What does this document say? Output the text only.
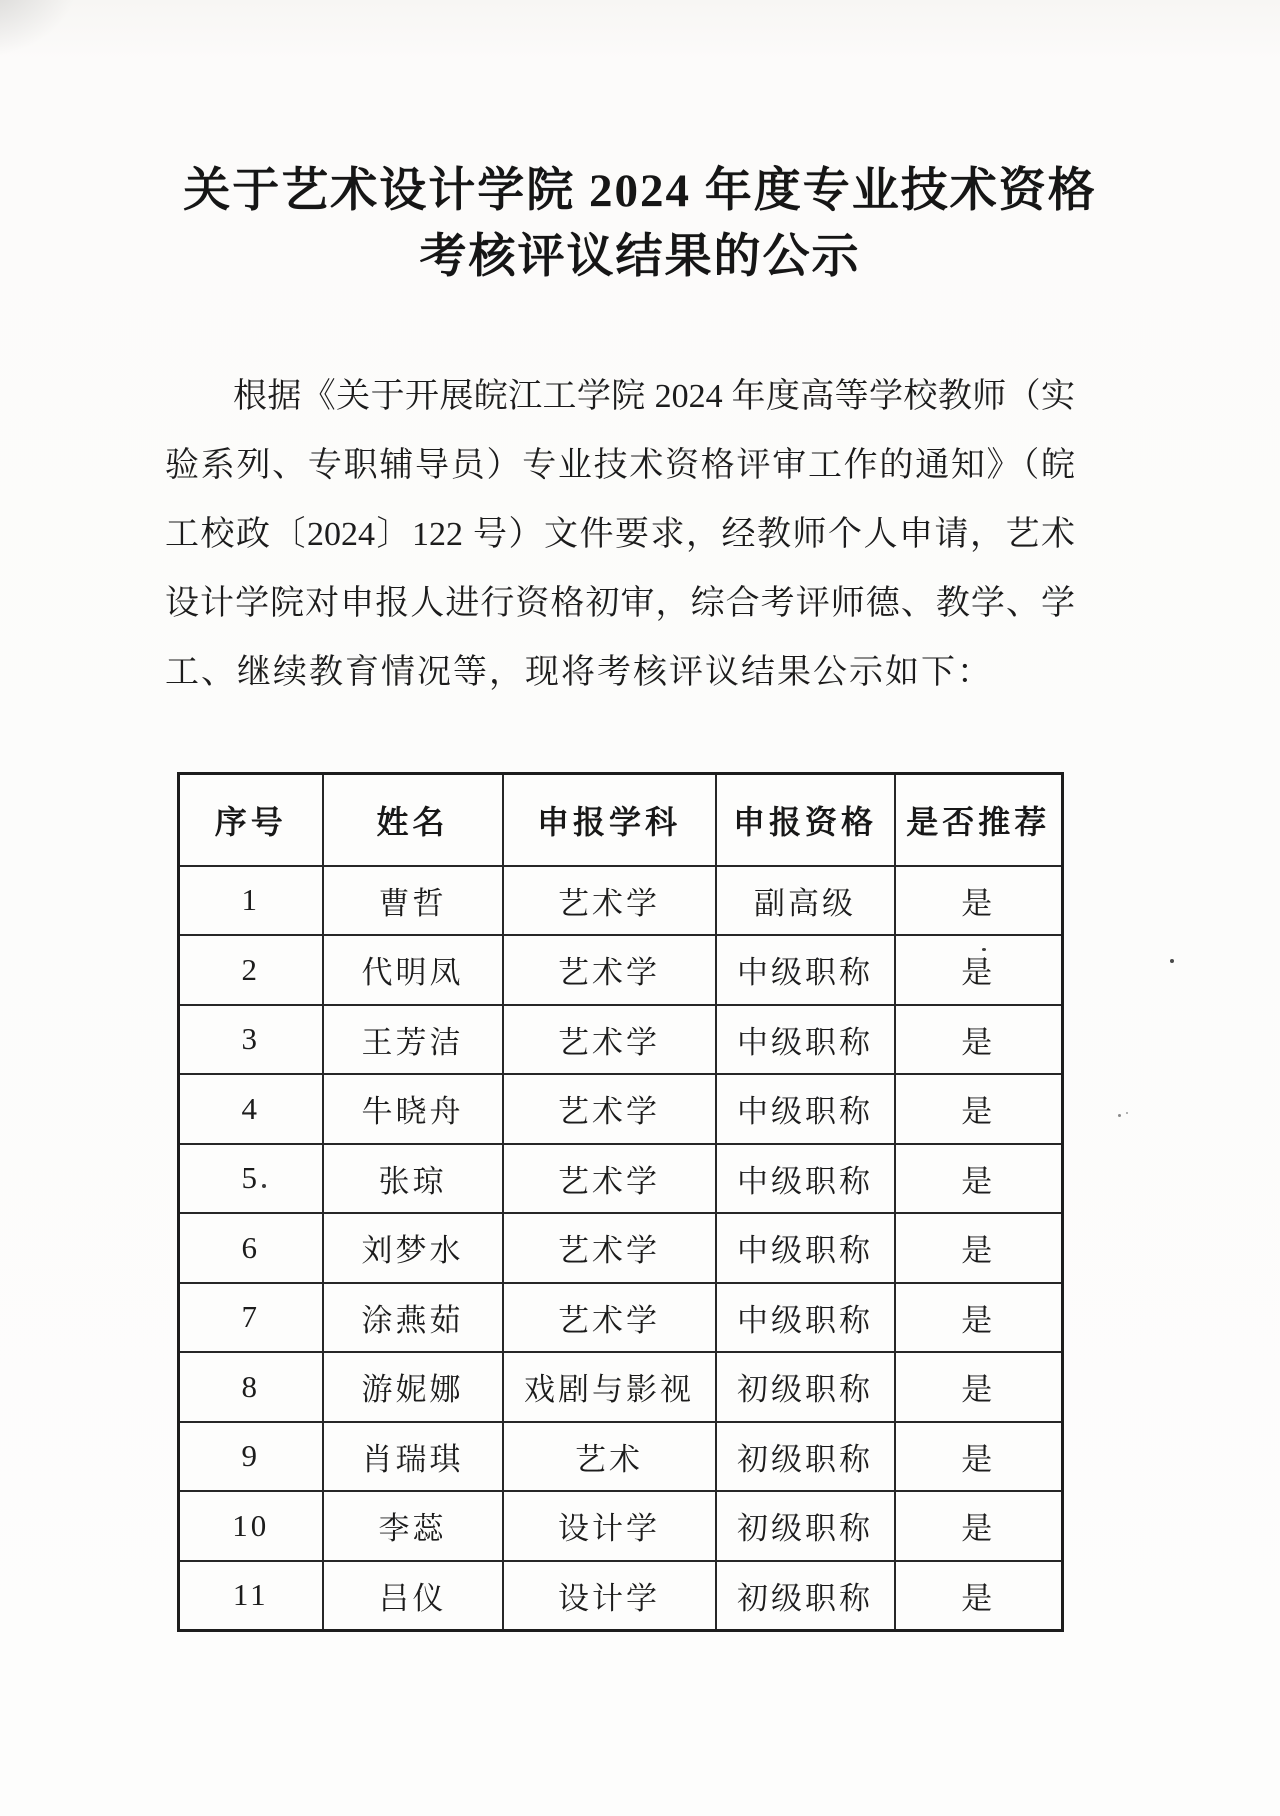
关于艺术设计学院 2024 年度专业技术资格
考核评议结果的公示
根据《关于开展皖江工学院 2024 年度高等学校教师（实
验系列、专职辅导员）专业技术资格评审工作的通知》（皖
工校政〔2024〕122 号）文件要求，经教师个人申请，艺术
设计学院对申报人进行资格初审，综合考评师德、教学、学
工、继续教育情况等，现将考核评议结果公示如下：
序号	姓名	申报学科	申报资格	是否推荐
1	曹哲	艺术学	副高级	是
2	代明凤	艺术学	中级职称	是
3	王芳洁	艺术学	中级职称	是
4	牛晓舟	艺术学	中级职称	是
5	张琼	艺术学	中级职称	是
6	刘梦水	艺术学	中级职称	是
7	涂燕茹	艺术学	中级职称	是
8	游妮娜	戏剧与影视	初级职称	是
9	肖瑞琪	艺术	初级职称	是
10	李蕊	设计学	初级职称	是
11	吕仪	设计学	初级职称	是
